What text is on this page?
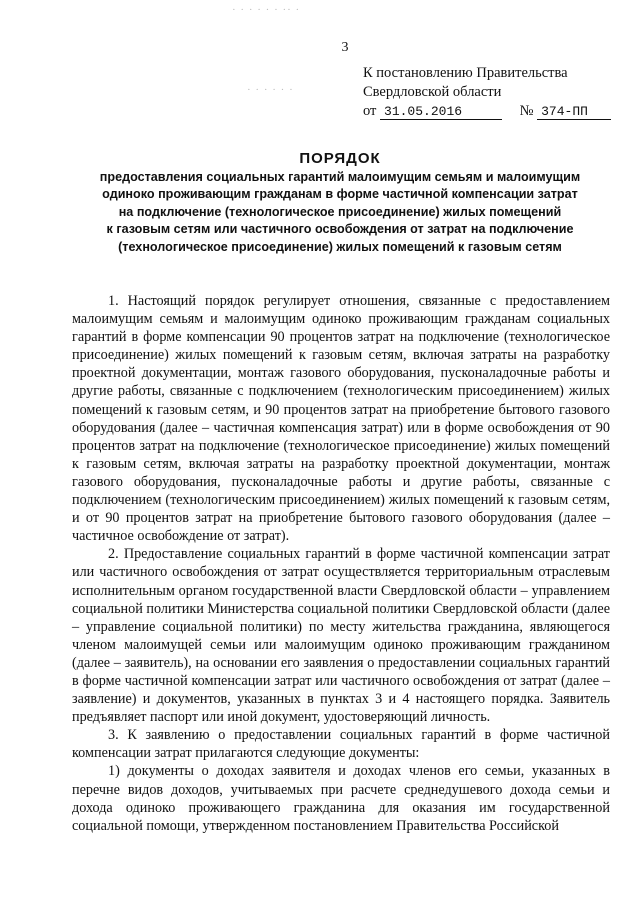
3
· · · · · · ·· ·
· · · · · ·
К постановлению Правительства
Свердловской области
от 31.05.2016	№ 374-ПП
ПОРЯДОК
предоставления социальных гарантий малоимущим семьям и малоимущим
одиноко проживающим гражданам в форме частичной компенсации затрат
на подключение (технологическое присоединение) жилых помещений
к газовым сетям или частичного освобождения от затрат на подключение
(технологическое присоединение) жилых помещений к газовым сетям

1. Настоящий порядок регулирует отношения, связанные с предоставлением малоимущим семьям и малоимущим одиноко проживающим гражданам социальных гарантий в форме компенсации 90 процентов затрат на подключение (технологическое присоединение) жилых помещений к газовым сетям, включая затраты на разработку проектной документации, монтаж газового оборудования, пусконаладочные работы и другие работы, связанные с подключением (технологическим присоединением) жилых помещений к газовым сетям, и 90 процентов затрат на приобретение бытового газового оборудования (далее – частичная компенсация затрат) или в форме освобождения от 90 процентов затрат на подключение (технологическое присоединение) жилых помещений к газовым сетям, включая затраты на разработку проектной документации, монтаж газового оборудования, пусконаладочные работы и другие работы, связанные с подключением (технологическим присоединением) жилых помещений к газовым сетям, и от 90 процентов затрат на приобретение бытового газового оборудования (далее – частичное освобождение от затрат).

2. Предоставление социальных гарантий в форме частичной компенсации затрат или частичного освобождения от затрат осуществляется территориальным отраслевым исполнительным органом государственной власти Свердловской области – управлением социальной политики Министерства социальной политики Свердловской области (далее – управление социальной политики) по месту жительства гражданина, являющегося членом малоимущей семьи или малоимущим одиноко проживающим гражданином (далее – заявитель), на основании его заявления о предоставлении социальных гарантий в форме частичной компенсации затрат или частичного освобождения от затрат (далее – заявление) и документов, указанных в пунктах 3 и 4 настоящего порядка. Заявитель предъявляет паспорт или иной документ, удостоверяющий личность.

3. К заявлению о предоставлении социальных гарантий в форме частичной компенсации затрат прилагаются следующие документы:

1) документы о доходах заявителя и доходах членов его семьи, указанных в перечне видов доходов, учитываемых при расчете среднедушевого дохода семьи и дохода одиноко проживающего гражданина для оказания им государственной социальной помощи, утвержденном постановлением Правительства Российской
